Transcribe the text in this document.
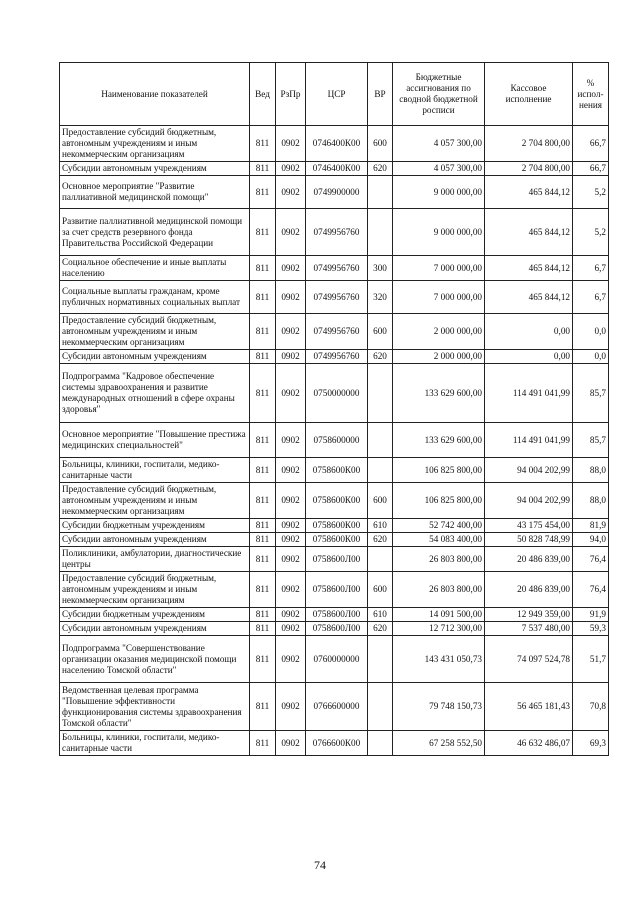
Наименование показателей	Вед	РзПр	ЦСР	ВР	Бюджетные ассигнования по сводной бюджетной росписи	Кассовое исполнение	% испол-нения
Предоставление субсидий бюджетным, автономным учреждениям и иным некоммерческим организациям	811	0902	0746400К00	600	4 057 300,00	2 704 800,00	66,7
Субсидии автономным учреждениям	811	0902	0746400К00	620	4 057 300,00	2 704 800,00	66,7
Основное мероприятие "Развитие паллиативной медицинской помощи"	811	0902	0749900000		9 000 000,00	465 844,12	5,2
Развитие паллиативной медицинской помощи за счет средств резервного фонда Правительства Российской Федерации	811	0902	0749956760		9 000 000,00	465 844,12	5,2
Социальное обеспечение и иные выплаты населению	811	0902	0749956760	300	7 000 000,00	465 844,12	6,7
Социальные выплаты гражданам, кроме публичных нормативных социальных выплат	811	0902	0749956760	320	7 000 000,00	465 844,12	6,7
Предоставление субсидий бюджетным, автономным учреждениям и иным некоммерческим организациям	811	0902	0749956760	600	2 000 000,00	0,00	0,0
Субсидии автономным учреждениям	811	0902	0749956760	620	2 000 000,00	0,00	0,0
Подпрограмма "Кадровое обеспечение системы здравоохранения и развитие международных отношений в сфере охраны здоровья"	811	0902	0750000000		133 629 600,00	114 491 041,99	85,7
Основное мероприятие "Повышение престижа медицинских специальностей"	811	0902	0758600000		133 629 600,00	114 491 041,99	85,7
Больницы, клиники, госпитали, медико-санитарные части	811	0902	0758600К00		106 825 800,00	94 004 202,99	88,0
Предоставление субсидий бюджетным, автономным учреждениям и иным некоммерческим организациям	811	0902	0758600К00	600	106 825 800,00	94 004 202,99	88,0
Субсидии бюджетным учреждениям	811	0902	0758600К00	610	52 742 400,00	43 175 454,00	81,9
Субсидии автономным учреждениям	811	0902	0758600К00	620	54 083 400,00	50 828 748,99	94,0
Поликлиники, амбулатории, диагностические центры	811	0902	0758600Л00		26 803 800,00	20 486 839,00	76,4
Предоставление субсидий бюджетным, автономным учреждениям и иным некоммерческим организациям	811	0902	0758600Л00	600	26 803 800,00	20 486 839,00	76,4
Субсидии бюджетным учреждениям	811	0902	0758600Л00	610	14 091 500,00	12 949 359,00	91,9
Субсидии автономным учреждениям	811	0902	0758600Л00	620	12 712 300,00	7 537 480,00	59,3
Подпрограмма "Совершенствование организации оказания медицинской помощи населению Томской области"	811	0902	0760000000		143 431 050,73	74 097 524,78	51,7
Ведомственная целевая программа "Повышение эффективности функционирования системы здравоохранения Томской области"	811	0902	0766600000		79 748 150,73	56 465 181,43	70,8
Больницы, клиники, госпитали, медико-санитарные части	811	0902	0766600К00		67 258 552,50	46 632 486,07	69,3
74
